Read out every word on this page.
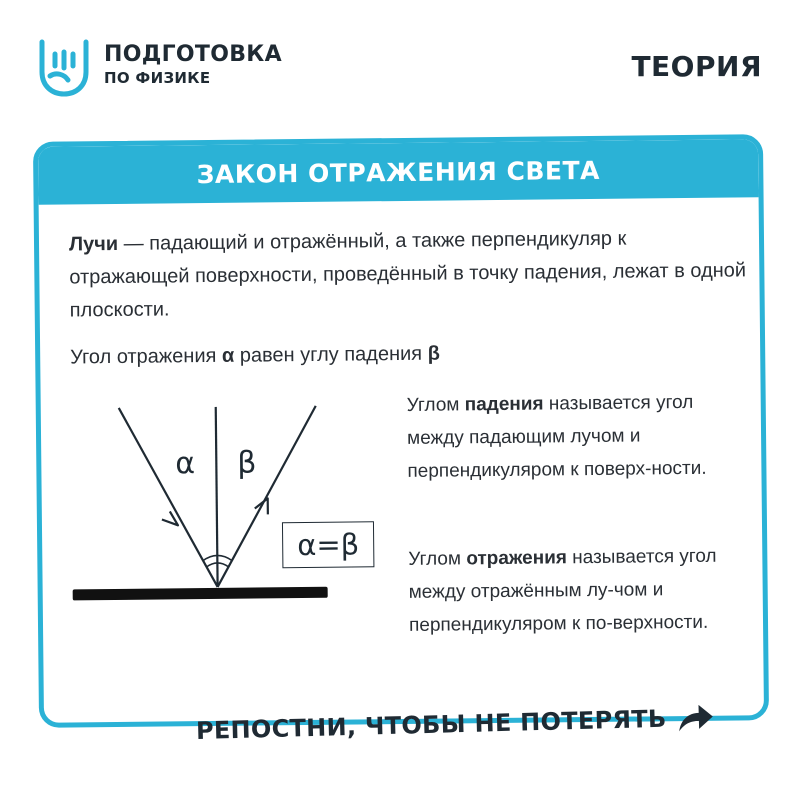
ПОДГОТОВКА
ПО ФИЗИКЕ	ТЕОРИЯ
ЗАКОН ОТРАЖЕНИЯ СВЕТА

Лучи — падающий и отражённый, а также перпендикуляр к отражающей поверхности, проведённый в точку падения, лежат в одной плоскости.

Угол отражения α равен углу падения β

α β
α=β

Углом падения называется угол между падающим лучом и перпендикуляром к поверх-ности.

Углом отражения называется угол между отражённым лу-чом и перпендикуляром к по-верхности.

РЕПОСТНИ, ЧТОБЫ НЕ ПОТЕРЯТЬ
